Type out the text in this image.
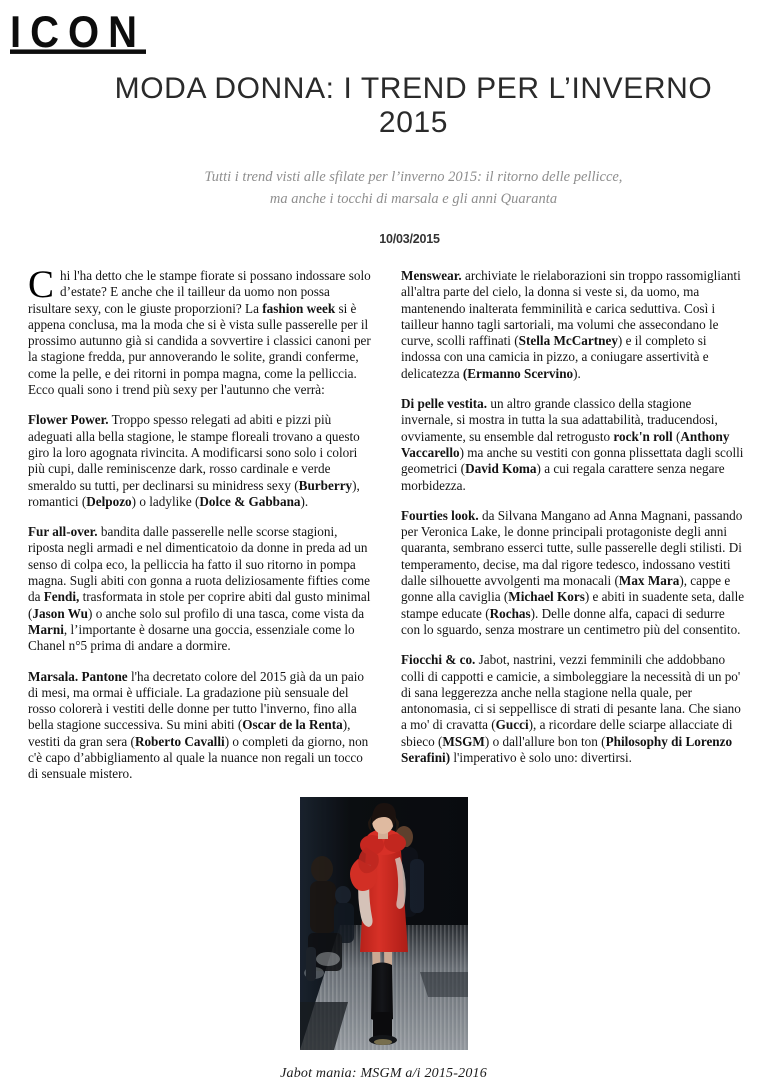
ICON
MODA DONNA: I TREND PER L’INVERNO 2015

Tutti i trend visti alle sfilate per l’inverno 2015: il ritorno delle pellicce, ma anche i tocchi di marsala e gli anni Quaranta

10/03/2015

Chi l'ha detto che le stampe fiorate si possano indossare solo d’estate? E anche che il tailleur da uomo non possa risultare sexy, con le giuste proporzioni? La fashion week si è appena conclusa, ma la moda che si è vista sulle passerelle per il prossimo autunno già si candida a sovvertire i classici canoni per la stagione fredda, pur annoverando le solite, grandi conferme, come la pelle, e dei ritorni in pompa magna, come la pelliccia. Ecco quali sono i trend più sexy per l'autunno che verrà:

Flower Power. Troppo spesso relegati ad abiti e pizzi più adeguati alla bella stagione, le stampe floreali trovano a questo giro la loro agognata rivincita. A modificarsi sono solo i colori più cupi, dalle reminiscenze dark, rosso cardinale e verde smeraldo su tutti, per declinarsi su minidress sexy (Burberry), romantici (Delpozo) o ladylike (Dolce & Gabbana).

Fur all-over. bandita dalle passerelle nelle scorse stagioni, riposta negli armadi e nel dimenticatoio da donne in preda ad un senso di colpa eco, la pelliccia ha fatto il suo ritorno in pompa magna. Sugli abiti con gonna a ruota deliziosamente fifties come da Fendi, trasformata in stole per coprire abiti dal gusto minimal (Jason Wu) o anche solo sul profilo di una tasca, come vista da Marni, l’importante è dosarne una goccia, essenziale come lo Chanel n°5 prima di andare a dormire.

Marsala. Pantone l'ha decretato colore del 2015 già da un paio di mesi, ma ormai è ufficiale. La gradazione più sensuale del rosso colorerà i vestiti delle donne per tutto l'inverno, fino alla bella stagione successiva. Su mini abiti (Oscar de la Renta), vestiti da gran sera (Roberto Cavalli) o completi da giorno, non c'è capo d’abbigliamento al quale la nuance non regali un tocco di sensuale mistero.

Menswear. archiviate le rielaborazioni sin troppo rassomiglianti all'altra parte del cielo, la donna si veste si, da uomo, ma mantenendo inalterata femminilità e carica seduttiva. Così i tailleur hanno tagli sartoriali, ma volumi che assecondano le curve, scolli raffinati (Stella McCartney) e il completo si indossa con una camicia in pizzo, a coniugare assertività e delicatezza (Ermanno Scervino).

Di pelle vestita. un altro grande classico della stagione invernale, si mostra in tutta la sua adattabilità, traducendosi, ovviamente, su ensemble dal retrogusto rock'n roll (Anthony Vaccarello) ma anche su vestiti con gonna plissettata dagli scolli geometrici (David Koma) a cui regala carattere senza negare morbidezza.

Fourties look. da Silvana Mangano ad Anna Magnani, passando per Veronica Lake, le donne principali protagoniste degli anni quaranta, sembrano esserci tutte, sulle passerelle degli stilisti. Di temperamento, decise, ma dal rigore tedesco, indossano vestiti dalle silhouette avvolgenti ma monacali (Max Mara), cappe e gonne alla caviglia (Michael Kors) e abiti in suadente seta, dalle stampe educate (Rochas). Delle donne alfa, capaci di sedurre con lo sguardo, senza mostrare un centimetro più del consentito.

Fiocchi & co. Jabot, nastrini, vezzi femminili che addobbano colli di cappotti e camicie, a simboleggiare la necessità di un po' di sana leggerezza anche nella stagione nella quale, per antonomasia, ci si seppellisce di strati di pesante lana. Che siano a mo' di cravatta (Gucci), a ricordare delle sciarpe allacciate di sbieco (MSGM) o dall'allure bon ton (Philosophy di Lorenzo Serafini) l'imperativo è solo uno: divertirsi.

Jabot mania: MSGM a/i 2015-2016
